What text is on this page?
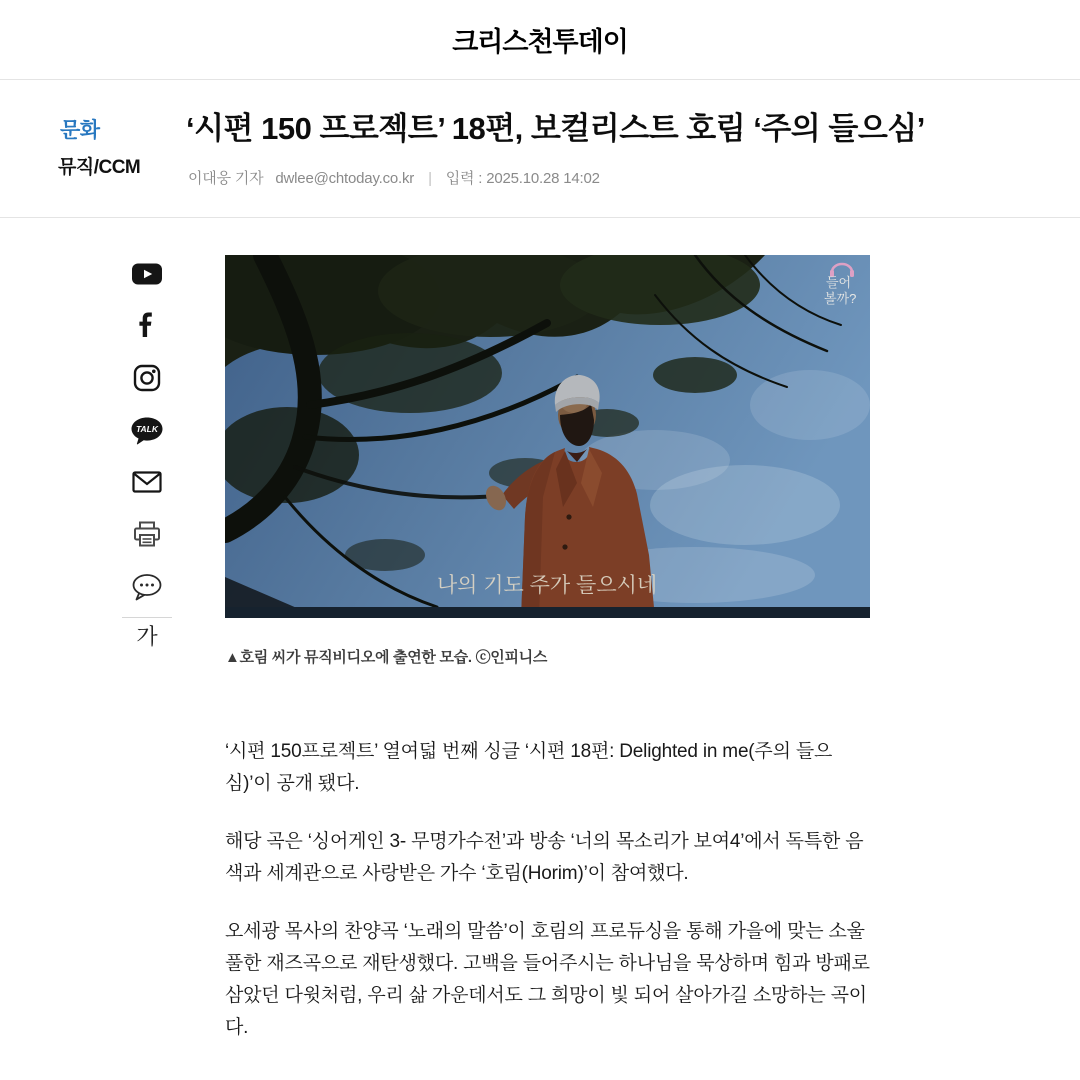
크리스천투데이
문화
뮤직/CCM
‘시편 150 프로젝트’ 18편, 보컬리스트 호림 ‘주의 들으심’
이대웅 기자 dwlee@chtoday.co.kr | 입력 : 2025.10.28 14:02
TALK
가
나의 기도 주가 들으시네
들어
볼까?
▲호림 씨가 뮤직비디오에 출연한 모습. ⓒ인피니스

‘시편 150프로젝트’ 열여덟 번째 싱글 ‘시편 18편: Delighted in me(주의 들으심)’이 공개 됐다.

해당 곡은 ‘싱어게인 3- 무명가수전’과 방송 ‘너의 목소리가 보여4’에서 독특한 음색과 세계관으로 사랑받은 가수 ‘호림(Horim)’이 참여했다.

오세광 목사의 찬양곡 ‘노래의 말씀’이 호림의 프로듀싱을 통해 가을에 맞는 소울풀한 재즈곡으로 재탄생했다. 고백을 들어주시는 하나님을 묵상하며 힘과 방패로 삼았던 다윗처럼, 우리 삶 가운데서도 그 희망이 빛 되어 살아가길 소망하는 곡이다.
